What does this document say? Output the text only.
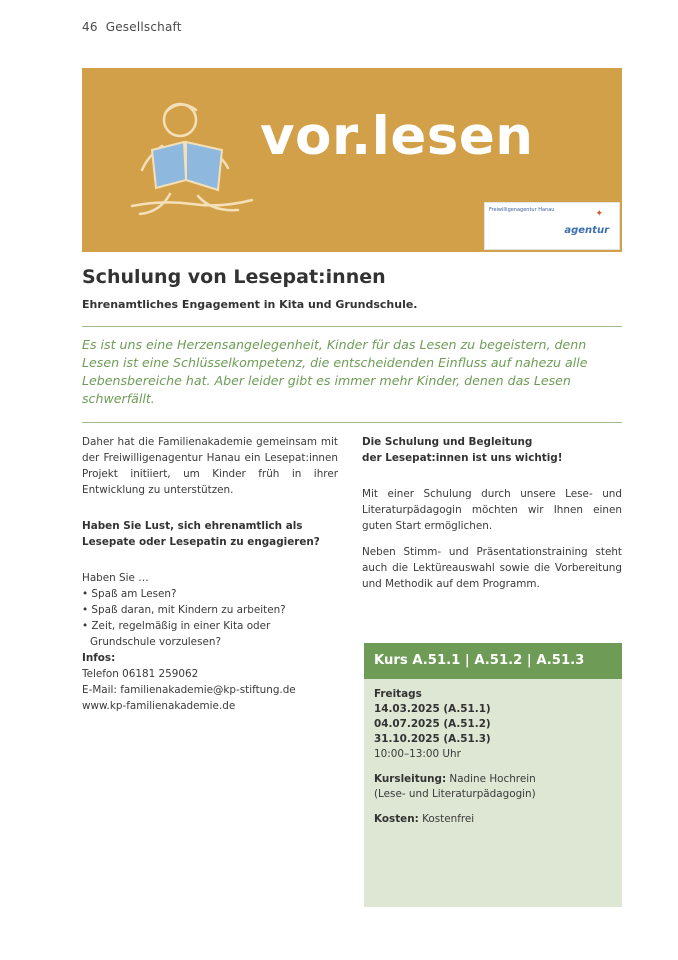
46 Gesellschaft
vor.lesen
Freiwilligenagentur Hanau	✦
agentur
Schulung von Lesepat:innen
Ehrenamtliches Engagement in Kita und Grundschule.

Es ist uns eine Herzensangelegenheit, Kinder für das Lesen zu begeistern, denn Lesen ist eine Schlüsselkompetenz, die entscheidenden Einfluss auf nahezu alle Lebensbereiche hat. Aber leider gibt es immer mehr Kinder, denen das Lesen schwerfällt.

Daher hat die Familienakademie gemeinsam mit der Freiwilligenagentur Hanau ein Lesepat:innen Projekt initiiert, um Kinder früh in ihrer Entwicklung zu unterstützen.

Haben Sie Lust, sich ehrenamtlich als Lesepate oder Lesepatin zu engagieren?

Haben Sie …

• Spaß am Lesen?
• Spaß daran, mit Kindern zu arbeiten?
• Zeit, regelmäßig in einer Kita oder Grundschule vorzulesen?

Infos:

Telefon 06181 259062

E-Mail: familienakademie@kp-stiftung.de

www.kp-familienakademie.de

Die Schulung und Begleitung

der Lesepat:innen ist uns wichtig!

Mit einer Schulung durch unsere Lese- und Literaturpädagogin möchten wir Ihnen einen guten Start ermöglichen.

Neben Stimm- und Präsentationstraining steht auch die Lektüreauswahl sowie die Vorbereitung und Methodik auf dem Programm.

Kurs A.51.1 | A.51.2 | A.51.3

Freitags

14.03.2025 (A.51.1)

04.07.2025 (A.51.2)

31.10.2025 (A.51.3)

10:00–13:00 Uhr

Kursleitung: Nadine Hochrein

(Lese- und Literaturpädagogin)

Kosten: Kostenfrei
